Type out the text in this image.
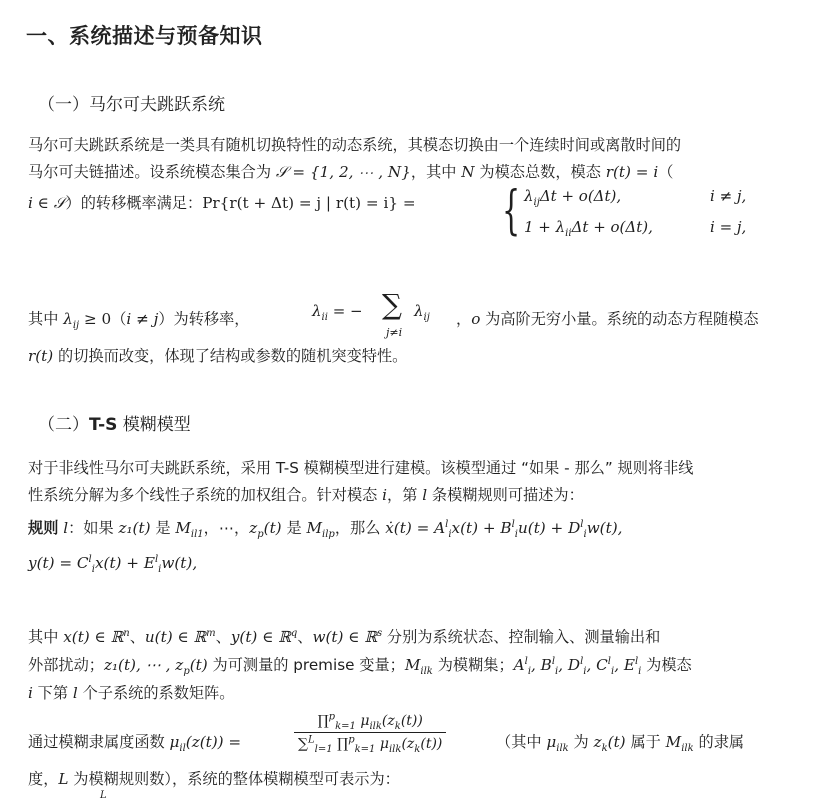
一、系统描述与预备知识
（一）马尔可夫跳跃系统
马尔可夫跳跃系统是一类具有随机切换特性的动态系统，其模态切换由一个连续时间或离散时间的
马尔可夫链描述。设系统模态集合为 𝒮 = {1, 2, ⋯ , N}，其中 N 为模态总数，模态 r(t) = i（
i ∈ 𝒮）的转移概率满足：Pr{r(t + Δt) = j | r(t) = i} = { $\lambda_{ij}\Delta t + o(\Delta t)$,	i ≠ j,
$1 + \lambda_{ii}\Delta t + o(\Delta t)$,	i = j,
其中 $\lambda_{ij} \ge 0(i \ne j)$为转移率，	$\lambda_{ii}$ = − ∑
j≠i
$\lambda_{ij}$ ，o 为高阶无穷小量。系统的动态方程随模态
r(t) 的切换而改变，体现了结构或参数的随机突变特性。
（二）T-S 模糊模型
对于非线性马尔可夫跳跃系统，采用 T-S 模糊模型进行建模。该模型通过 “如果 - 那么” 规则将非线
性系统分解为多个线性子系统的加权组合。针对模态 i，第 l 条模糊规则可描述为：
规则 l：如果 z₁(t) 是 $M_{il1}$，⋯，$z_p(t)$ 是 $M_{ilp}$，那么 ẋ(t) = $A^l_ix(t) + B^l_iu(t) + D^l_iw(t)$,
$y(t) = C^l_ix(t) + E^l_iw(t)$,
其中 x(t) ∈ ℝ$^n$、u(t) ∈ ℝ$^m$、y(t) ∈ ℝ$^q$、w(t) ∈ ℝ$^s$ 分别为系统状态、控制输入、测量输出和
外部扰动；z₁(t), ⋯ , $z_p(t)$ 为可测量的 premise 变量；$M_{ilk}$ 为模糊集；$A^l_i$, $B^l_i$, $D^l_i$, $C^l_i$, $E^l_i$ 为模态
i 下第 l 个子系统的系数矩阵。
通过模糊隶属度函数 $\mu_{il}(z(t))$ =	$\frac{\prod^p_{k=1} \mu_{ilk}(z_k(t))}{\sum^L_{l=1} \prod^p_{k=1} \mu_{ilk}(z_k(t))}$	（其中 $\mu_{ilk}$ 为 $z_k(t)$ 属于 $M_{ilk}$ 的隶属
度，L 为模糊规则数），系统的整体模糊模型可表示为：
L
